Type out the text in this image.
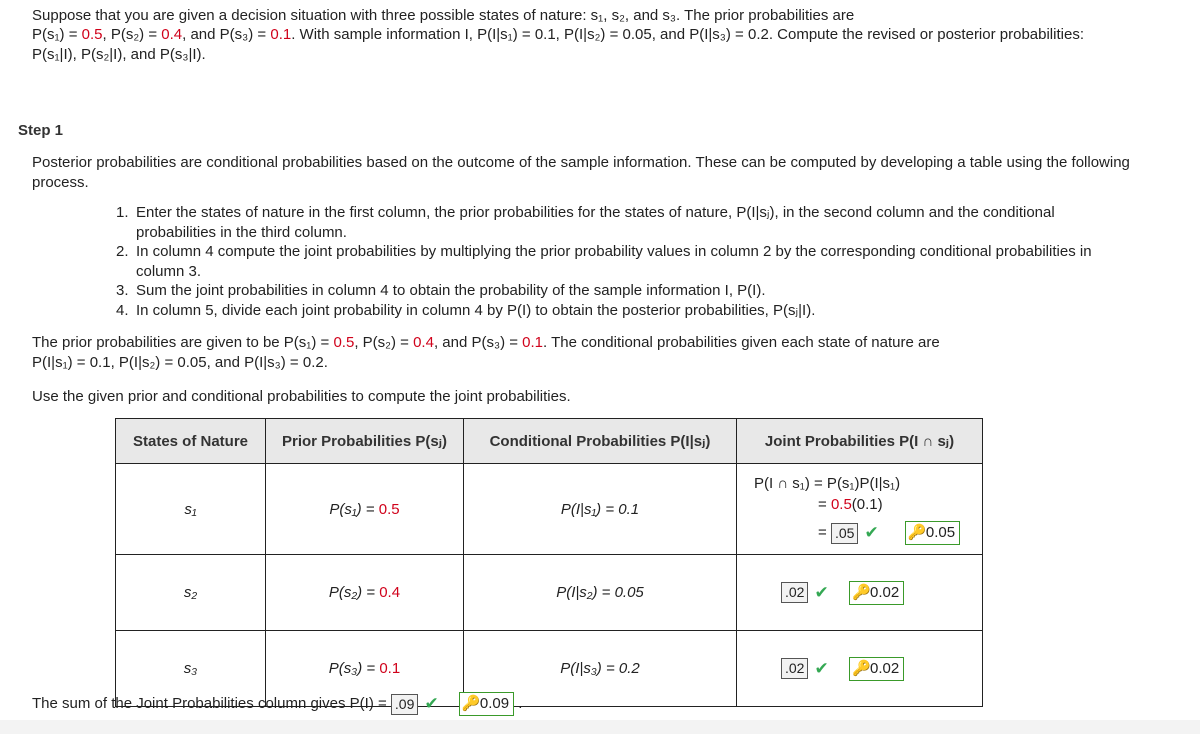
Suppose that you are given a decision situation with three possible states of nature: s₁, s₂, and s₃. The prior probabilities are
P(s₁) = 0.5, P(s₂) = 0.4, and P(s₃) = 0.1. With sample information I, P(I|s₁) = 0.1, P(I|s₂) = 0.05, and P(I|s₃) = 0.2. Compute the revised or posterior probabilities:
P(s₁|I), P(s₂|I), and P(s₃|I).
Step 1
Posterior probabilities are conditional probabilities based on the outcome of the sample information. These can be computed by developing a table using the following
process.
1. Enter the states of nature in the first column, the prior probabilities for the states of nature, P(I|sⱼ), in the second column and the conditional
probabilities in the third column.
2. In column 4 compute the joint probabilities by multiplying the prior probability values in column 2 by the corresponding conditional probabilities in
column 3.
3. Sum the joint probabilities in column 4 to obtain the probability of the sample information I, P(I).
4. In column 5, divide each joint probability in column 4 by P(I) to obtain the posterior probabilities, P(sⱼ|I).
The prior probabilities are given to be P(s₁) = 0.5, P(s₂) = 0.4, and P(s₃) = 0.1. The conditional probabilities given each state of nature are
P(I|s₁) = 0.1, P(I|s₂) = 0.05, and P(I|s₃) = 0.2.
Use the given prior and conditional probabilities to compute the joint probabilities.
States of Nature	Prior Probabilities P(sⱼ)	Conditional Probabilities P(I|sⱼ)	Joint Probabilities P(I ∩ sⱼ)
s₁	P(s₁) = 0.5	P(I|s₁) = 0.1	P(I ∩ s₁) = P(s₁)P(I|s₁)
= 0.5(0.1)
= .05 ✔ 🔑0.05

s₂	P(s₂) = 0.4	P(I|s₂) = 0.05	.02 ✔ 🔑0.02
s₃	P(s₃) = 0.1	P(I|s₃) = 0.2	.02 ✔ 🔑0.02
The sum of the Joint Probabilities column gives P(I) = .09 ✔ 🔑0.09 .
